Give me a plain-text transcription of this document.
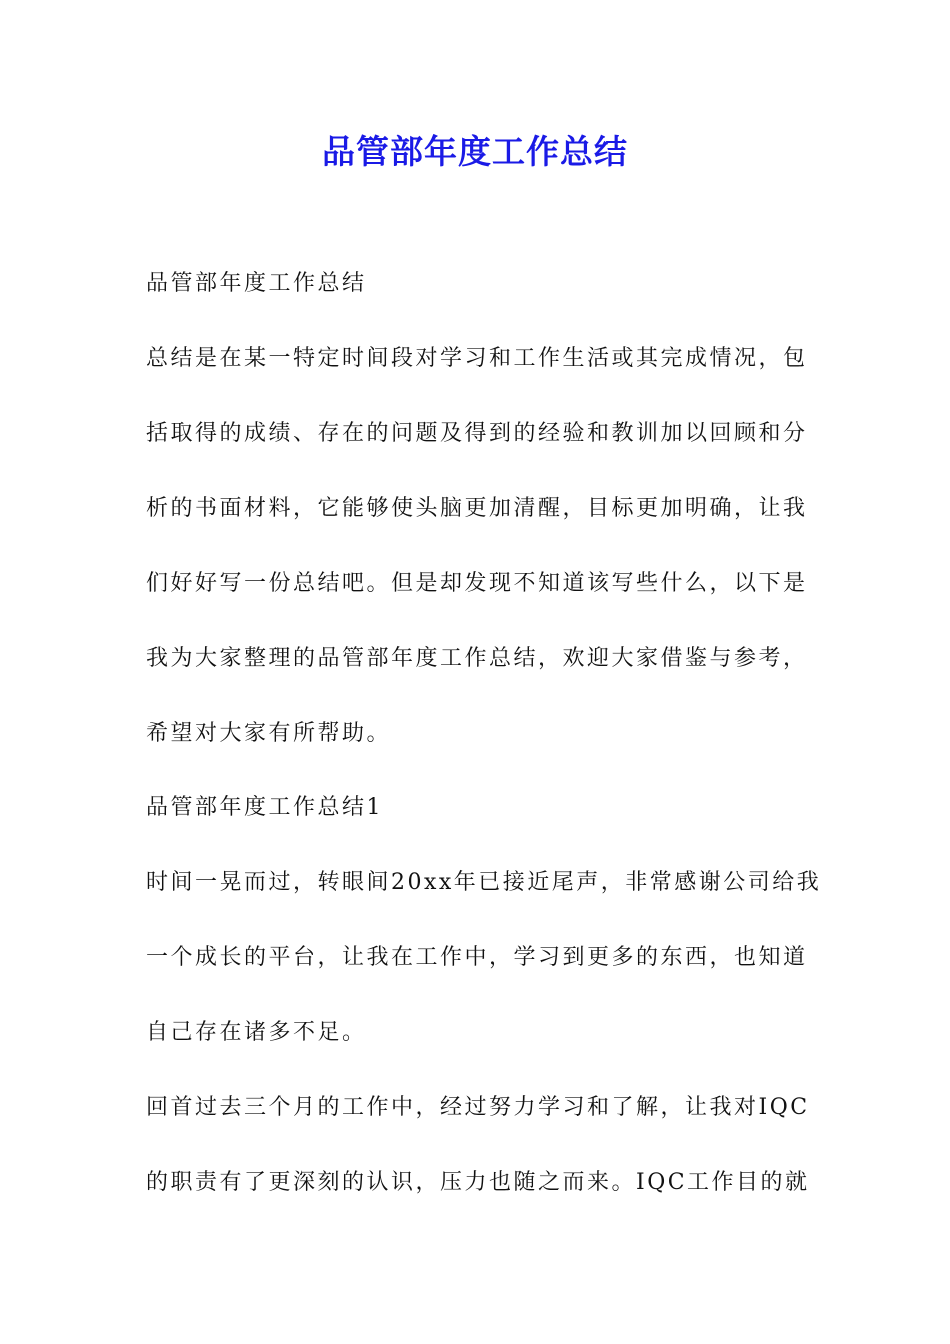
品管部年度工作总结
品管部年度工作总结
总结是在某一特定时间段对学习和工作生活或其完成情况，包
括取得的成绩、存在的问题及得到的经验和教训加以回顾和分
析的书面材料，它能够使头脑更加清醒，目标更加明确，让我
们好好写一份总结吧。但是却发现不知道该写些什么，以下是
我为大家整理的品管部年度工作总结，欢迎大家借鉴与参考，
希望对大家有所帮助。
品管部年度工作总结1
时间一晃而过，转眼间20xx年已接近尾声，非常感谢公司给我
一个成长的平台，让我在工作中，学习到更多的东西，也知道
自己存在诸多不足。
回首过去三个月的工作中，经过努力学习和了解，让我对IQC
的职责有了更深刻的认识，压力也随之而来。IQC工作目的就
